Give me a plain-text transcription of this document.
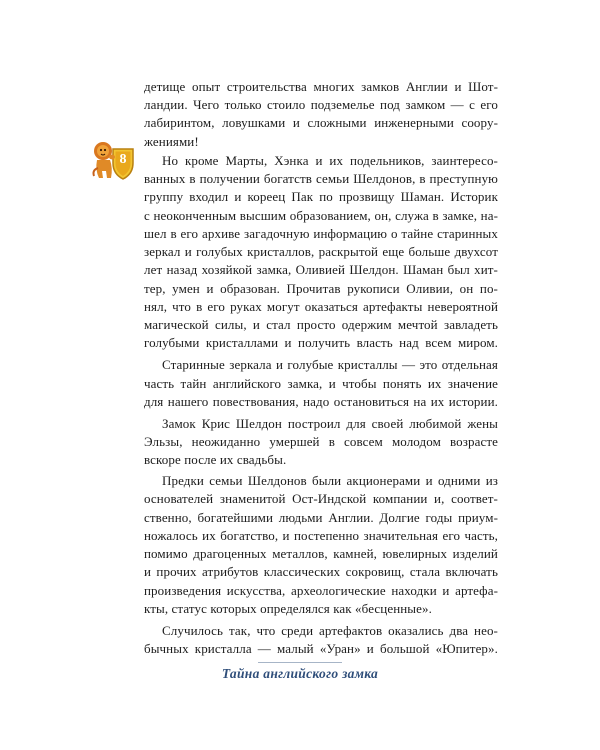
детище опыт строительства многих замков Англии и Шот-
ландии. Чего только стоило подземелье под замком — с его
лабиринтом, ловушками и сложными инженерными соору-
жениями!
8	Но кроме Марты, Хэнка и их подельников, заинтересо-
ванных в получении богатств семьи Шелдонов, в преступную
группу входил и кореец Пак по прозвищу Шаман. Историк
с неоконченным высшим образованием, он, служа в замке, на-
шел в его архиве загадочную информацию о тайне старинных
зеркал и голубых кристаллов, раскрытой еще больше двухсот
лет назад хозяйкой замка, Оливией Шелдон. Шаман был хит-
тер, умен и образован. Прочитав рукописи Оливии, он по-
нял, что в его руках могут оказаться артефакты невероятной
магической силы, и стал просто одержим мечтой завладеть
голубыми кристаллами и получить власть над всем миром.
Старинные зеркала и голубые кристаллы — это отдельная
часть тайн английского замка, и чтобы понять их значение
для нашего повествования, надо остановиться на их истории.
Замок Крис Шелдон построил для своей любимой жены
Эльзы, неожиданно умершей в совсем молодом возрасте
вскоре после их свадьбы.
Предки семьи Шелдонов были акционерами и одними из
основателей знаменитой Ост-Индской компании и, соответ-
ственно, богатейшими людьми Англии. Долгие годы приум-
ножалось их богатство, и постепенно значительная его часть,
помимо драгоценных металлов, камней, ювелирных изделий
и прочих атрибутов классических сокровищ, стала включать
произведения искусства, археологические находки и артефа-
кты, статус которых определялся как «бесценные».
Случилось так, что среди артефактов оказались два нео-
бычных кристалла — малый «Уран» и большой «Юпитер».
Тайна английского замка
